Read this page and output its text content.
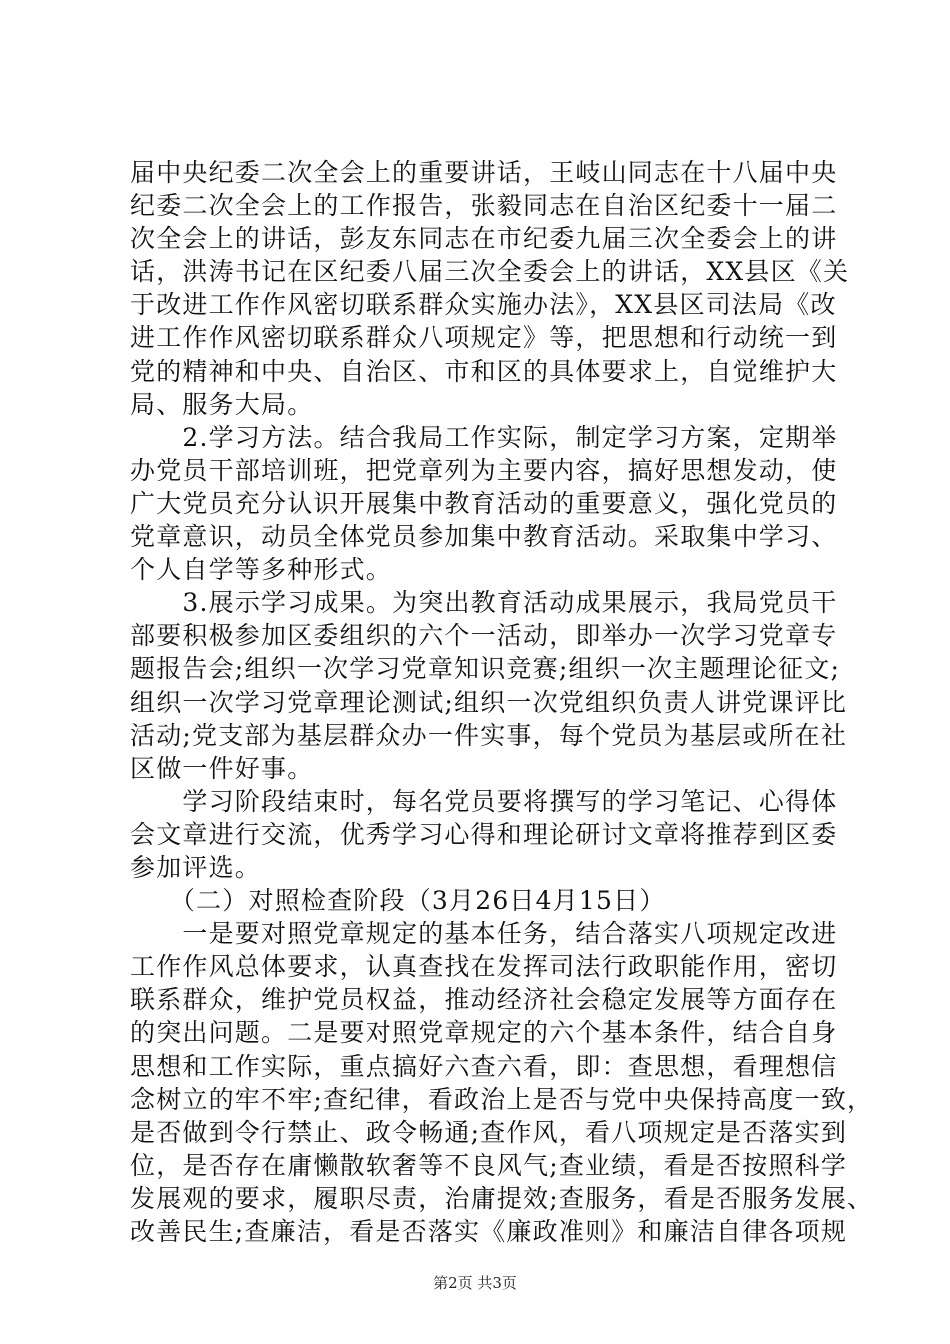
届中央纪委二次全会上的重要讲话，王岐山同志在十八届中央
纪委二次全会上的工作报告，张毅同志在自治区纪委十一届二
次全会上的讲话，彭友东同志在市纪委九届三次全委会上的讲
话，洪涛书记在区纪委八届三次全委会上的讲话，XX县区《关
于改进工作作风密切联系群众实施办法》，XX县区司法局《改
进工作作风密切联系群众八项规定》等，把思想和行动统一到
党的精神和中央、自治区、市和区的具体要求上，自觉维护大
局、服务大局。
　　2.学习方法。结合我局工作实际，制定学习方案，定期举
办党员干部培训班，把党章列为主要内容，搞好思想发动，使
广大党员充分认识开展集中教育活动的重要意义，强化党员的
党章意识，动员全体党员参加集中教育活动。采取集中学习、
个人自学等多种形式。
　　3.展示学习成果。为突出教育活动成果展示，我局党员干
部要积极参加区委组织的六个一活动，即举办一次学习党章专
题报告会;组织一次学习党章知识竞赛;组织一次主题理论征文;
组织一次学习党章理论测试;组织一次党组织负责人讲党课评比
活动;党支部为基层群众办一件实事，每个党员为基层或所在社
区做一件好事。
　　学习阶段结束时，每名党员要将撰写的学习笔记、心得体
会文章进行交流，优秀学习心得和理论研讨文章将推荐到区委
参加评选。
　　（二）对照检查阶段（3月26日4月15日）
　　一是要对照党章规定的基本任务，结合落实八项规定改进
工作作风总体要求，认真查找在发挥司法行政职能作用，密切
联系群众，维护党员权益，推动经济社会稳定发展等方面存在
的突出问题。二是要对照党章规定的六个基本条件，结合自身
思想和工作实际，重点搞好六查六看，即：查思想，看理想信
念树立的牢不牢;查纪律，看政治上是否与党中央保持高度一致，
是否做到令行禁止、政令畅通;查作风，看八项规定是否落实到
位，是否存在庸懒散软奢等不良风气;查业绩，看是否按照科学
发展观的要求，履职尽责，治庸提效;查服务，看是否服务发展、
改善民生;查廉洁，看是否落实《廉政准则》和廉洁自律各项规
第2页 共3页
